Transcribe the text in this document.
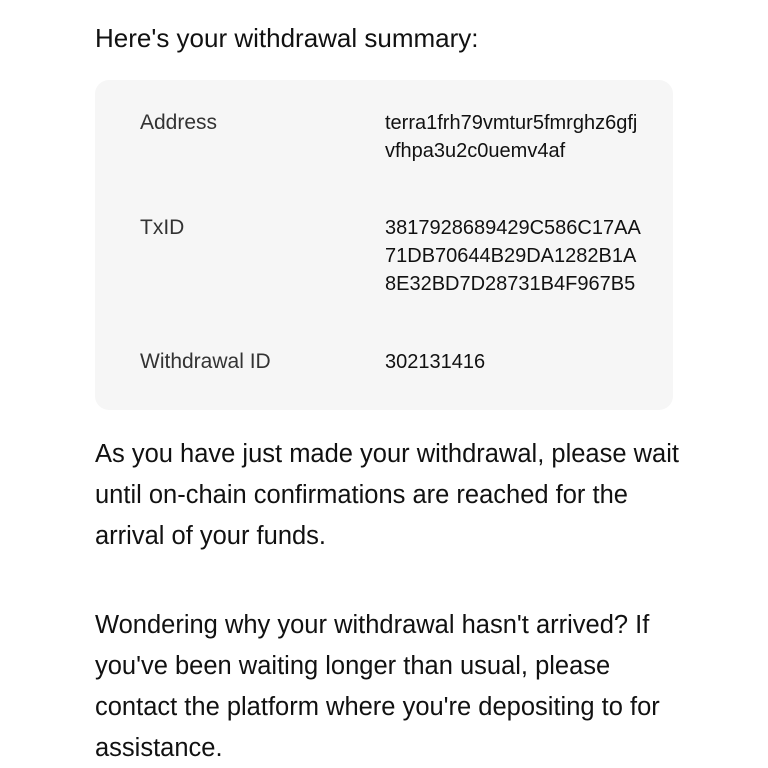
Here's your withdrawal summary:

Address	terra1frh79vmtur5fmrghz6gfjvfhpa3u2c0uemv4af
TxID	3817928689429C586C17AA71DB70644B29DA1282B1A8E32BD7D28731B4F967B5
Withdrawal ID	302131416

As you have just made your withdrawal, please wait until on-chain confirmations are reached for the arrival of your funds.

Wondering why your withdrawal hasn't arrived? If you've been waiting longer than usual, please contact the platform where you're depositing to for assistance.
